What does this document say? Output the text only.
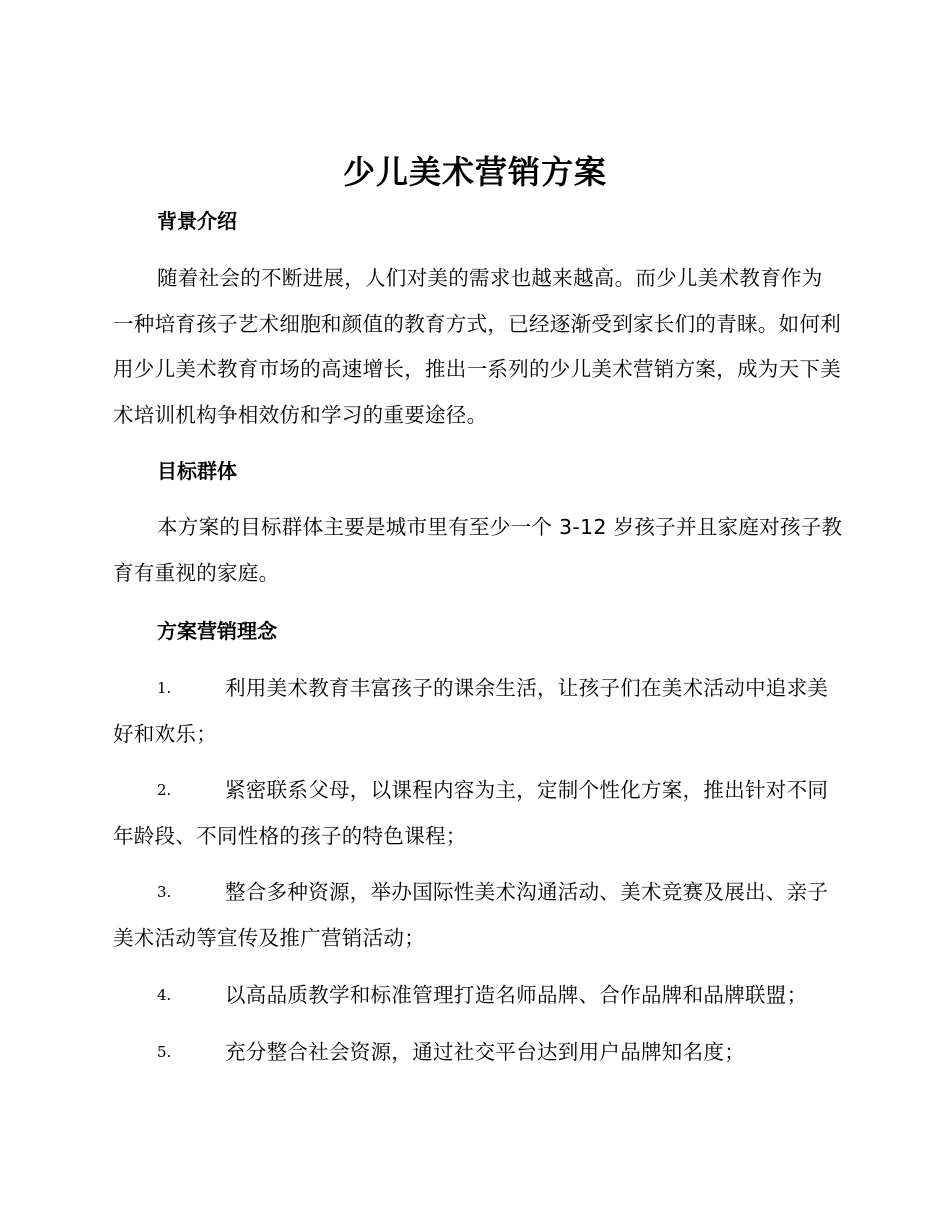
少儿美术营销方案

背景介绍

随着社会的不断进展，人们对美的需求也越来越高。而少儿美术教育作为一种培育孩子艺术细胞和颜值的教育方式，已经逐渐受到家长们的青睐。如何利用少儿美术教育市场的高速增长，推出一系列的少儿美术营销方案，成为天下美术培训机构争相效仿和学习的重要途径。

目标群体

本方案的目标群体主要是城市里有至少一个 3-12 岁孩子并且家庭对孩子教育有重视的家庭。

方案营销理念

1.	利用美术教育丰富孩子的课余生活，让孩子们在美术活动中追求美好和欢乐；

2.	紧密联系父母，以课程内容为主，定制个性化方案，推出针对不同年龄段、不同性格的孩子的特色课程；

3.	整合多种资源，举办国际性美术沟通活动、美术竞赛及展出、亲子美术活动等宣传及推广营销活动；

4.	以高品质教学和标准管理打造名师品牌、合作品牌和品牌联盟；

5.	充分整合社会资源，通过社交平台达到用户品牌知名度；
